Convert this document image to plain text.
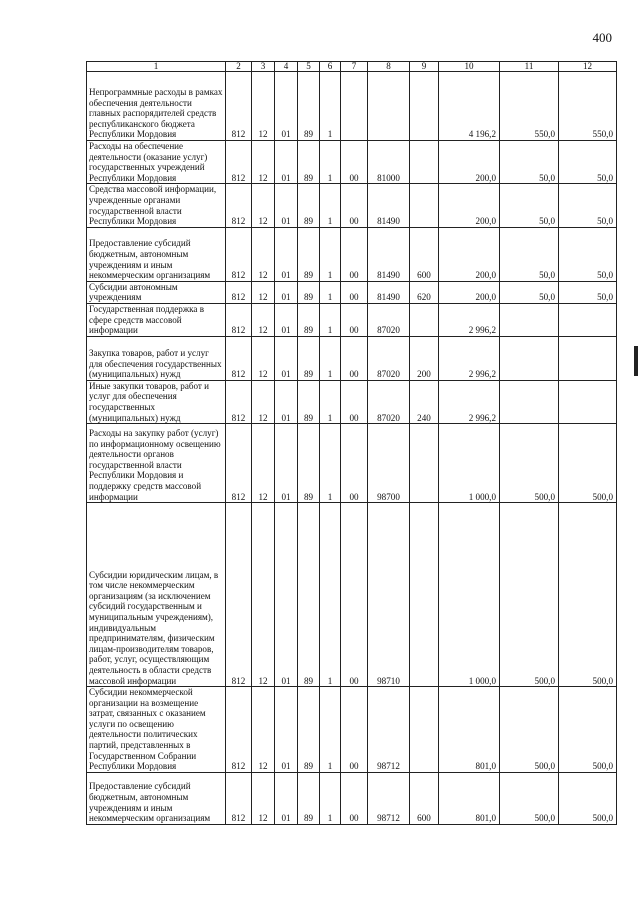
400
1	2	3	4	5	6	7	8	9	10	11	12
Непрограммные расходы в рамках обеспечения деятельности главных распорядителей средств республиканского бюджета Республики Мордовия	812	12	01	89	1				4 196,2	550,0	550,0
Расходы на обеспечение деятельности (оказание услуг) государственных учреждений Республики Мордовия	812	12	01	89	1	00	81000		200,0	50,0	50,0
Средства массовой информации, учрежденные органами государственной власти Республики Мордовия	812	12	01	89	1	00	81490		200,0	50,0	50,0
Предоставление субсидий бюджетным, автономным учреждениям и иным некоммерческим организациям	812	12	01	89	1	00	81490	600	200,0	50,0	50,0
Субсидии автономным учреждениям	812	12	01	89	1	00	81490	620	200,0	50,0	50,0
Государственная поддержка в сфере средств массовой информации	812	12	01	89	1	00	87020		2 996,2		
Закупка товаров, работ и услуг для обеспечения государственных (муниципальных) нужд	812	12	01	89	1	00	87020	200	2 996,2		
Иные закупки товаров, работ и услуг для обеспечения государственных (муниципальных) нужд	812	12	01	89	1	00	87020	240	2 996,2		
Расходы на закупку работ (услуг) по информационному освещению деятельности органов государственной власти Республики Мордовия и поддержку средств массовой информации	812	12	01	89	1	00	98700		1 000,0	500,0	500,0
Субсидии юридическим лицам, в том числе некоммерческим организациям (за исключением субсидий государственным и муниципальным учреждениям), индивидуальным предпринимателям, физическим лицам-производителям товаров, работ, услуг, осуществляющим деятельность в области средств массовой информации	812	12	01	89	1	00	98710		1 000,0	500,0	500,0
Субсидии некоммерческой организации на возмещение затрат, связанных с оказанием услуги по освещению деятельности политических партий, представленных в Государственном Собрании Республики Мордовия	812	12	01	89	1	00	98712		801,0	500,0	500,0
Предоставление субсидий бюджетным, автономным учреждениям и иным некоммерческим организациям	812	12	01	89	1	00	98712	600	801,0	500,0	500,0
